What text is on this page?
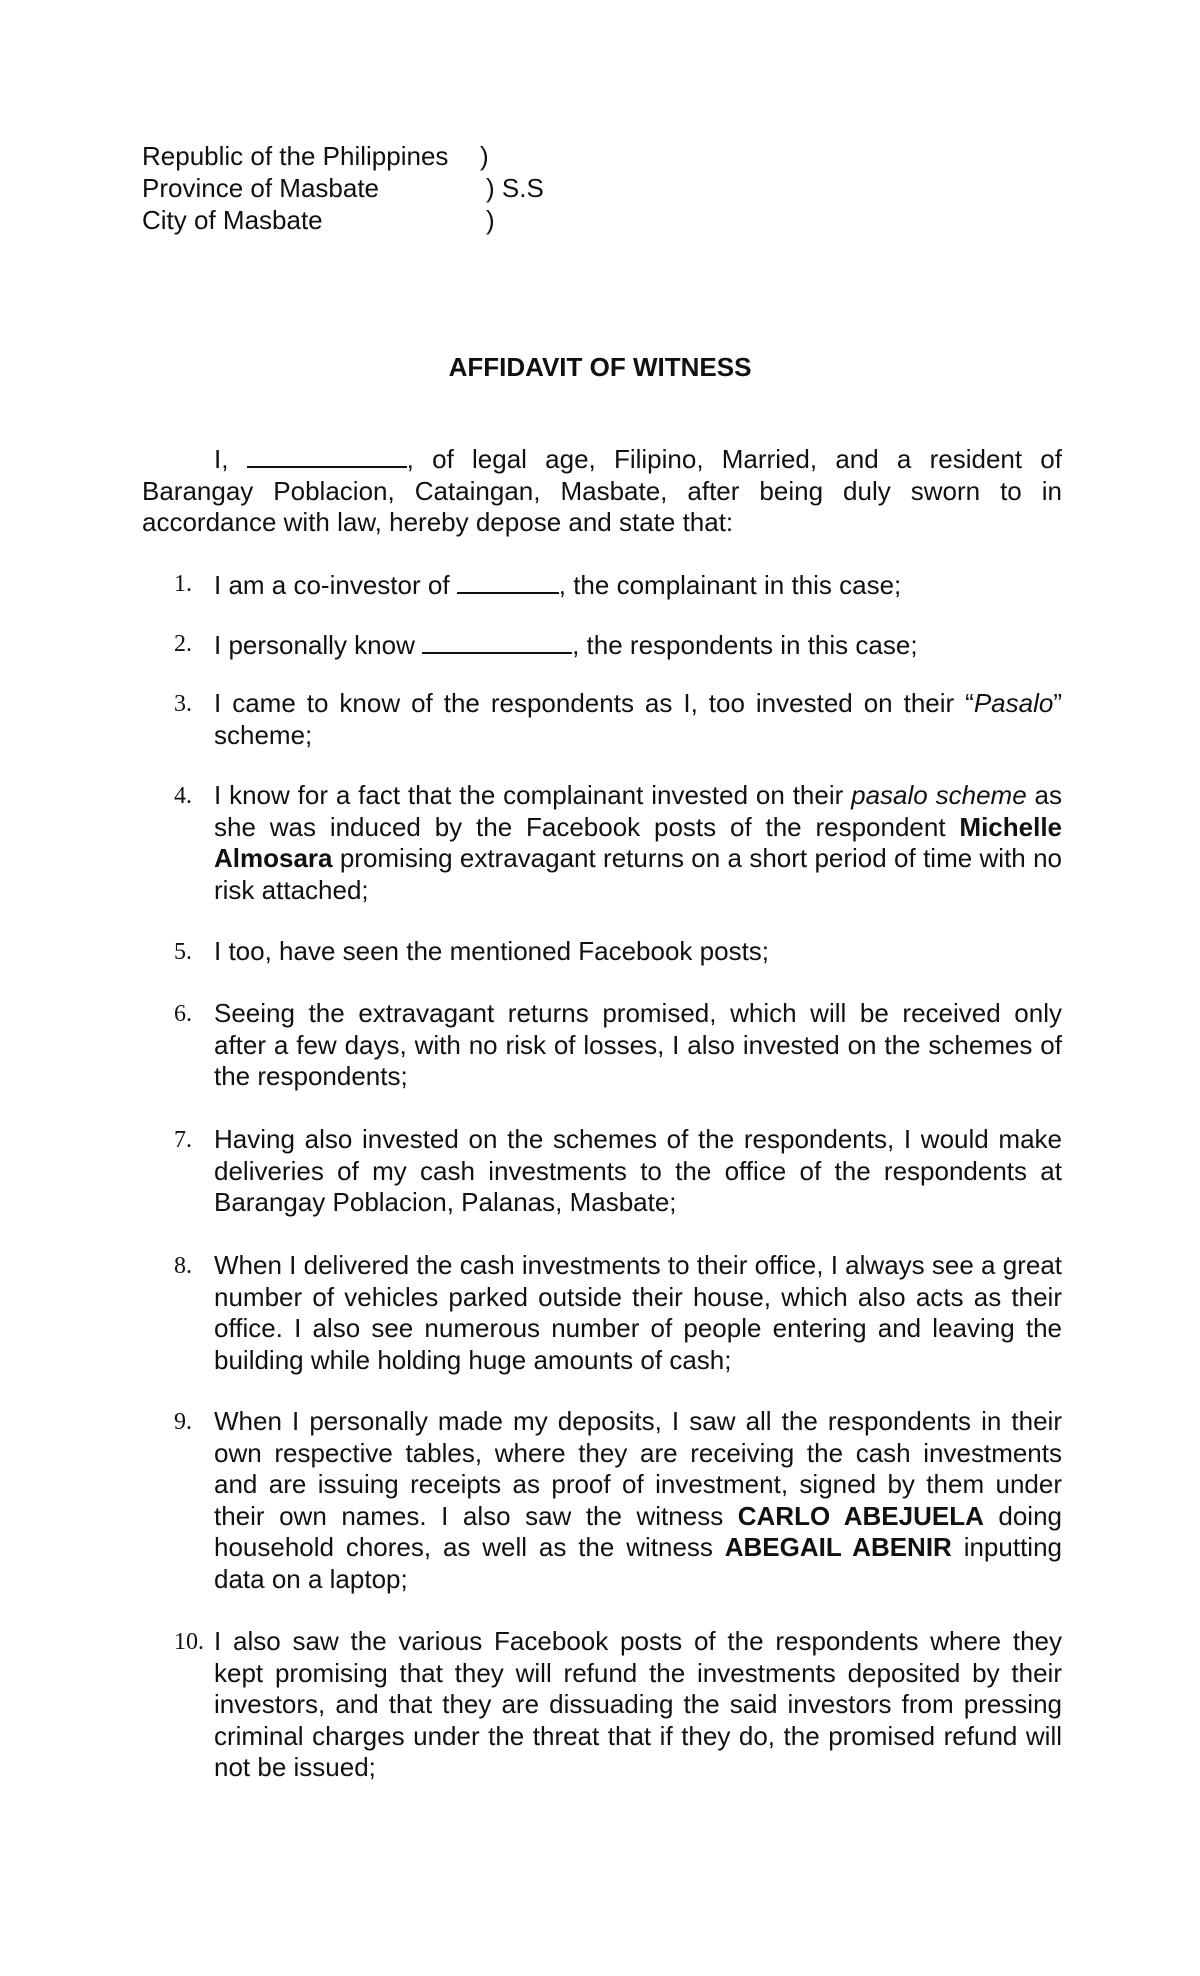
Republic of the Philippines )
Province of Masbate	) S.S
City of Masbate	)
AFFIDAVIT OF WITNESS
I,	, of legal age, Filipino, Married, and a resident of Barangay Poblacion, Cataingan, Masbate, after being duly sworn to in accordance with law, hereby depose and state that:
1. I am a co-investor of	, the complainant in this case;
2. I personally know	, the respondents in this case;
3. I came to know of the respondents as I, too invested on their “Pasalo” scheme;
4. I know for a fact that the complainant invested on their pasalo scheme as she was induced by the Facebook posts of the respondent Michelle Almosara promising extravagant returns on a short period of time with no risk attached;
5. I too, have seen the mentioned Facebook posts;
6. Seeing the extravagant returns promised, which will be received only after a few days, with no risk of losses, I also invested on the schemes of the respondents;
7. Having also invested on the schemes of the respondents, I would make deliveries of my cash investments to the office of the respondents at Barangay Poblacion, Palanas, Masbate;
8. When I delivered the cash investments to their office, I always see a great number of vehicles parked outside their house, which also acts as their office. I also see numerous number of people entering and leaving the building while holding huge amounts of cash;
9. When I personally made my deposits, I saw all the respondents in their own respective tables, where they are receiving the cash investments and are issuing receipts as proof of investment, signed by them under their own names. I also saw the witness CARLO ABEJUELA doing household chores, as well as the witness ABEGAIL ABENIR inputting data on a laptop;
10. I also saw the various Facebook posts of the respondents where they kept promising that they will refund the investments deposited by their investors, and that they are dissuading the said investors from pressing criminal charges under the threat that if they do, the promised refund will not be issued;
